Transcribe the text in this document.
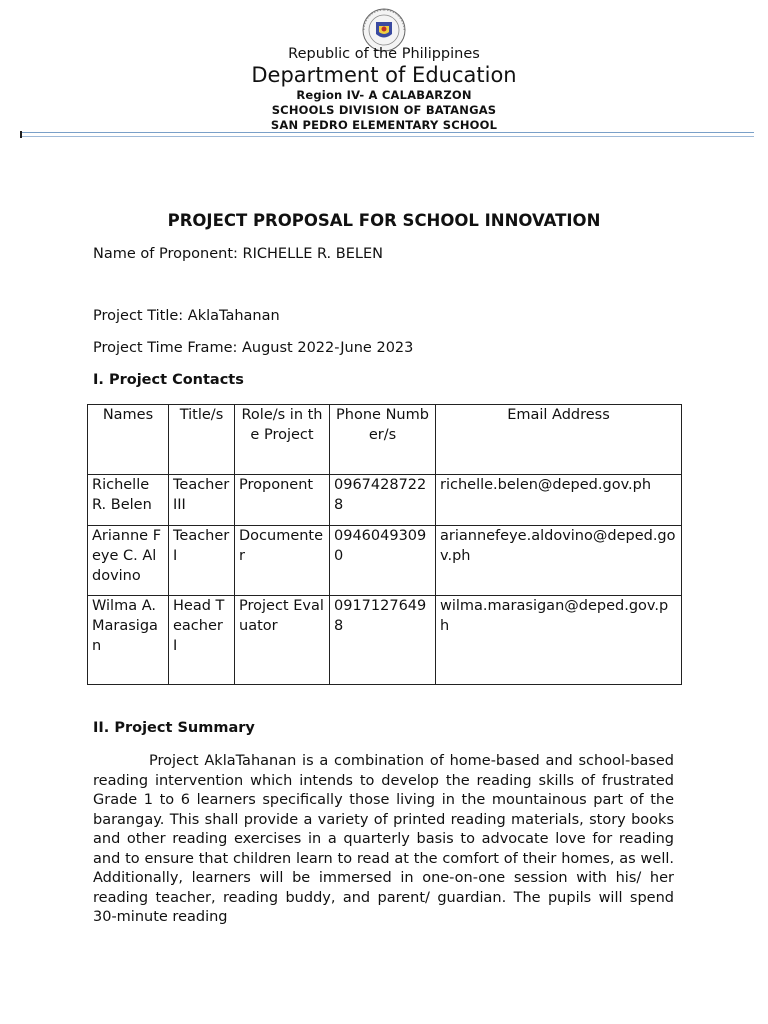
Republic of the Philippines
Department of Education
Region IV- A CALABARZON
SCHOOLS DIVISION OF BATANGAS
SAN PEDRO ELEMENTARY SCHOOL
PROJECT PROPOSAL FOR SCHOOL INNOVATION
Name of Proponent: RICHELLE R. BELEN
Project Title: AklaTahanan
Project Time Frame: August 2022-June 2023
I. Project Contacts
Names	Title/s	Role/s in the Project	Phone Number/s	Email Address
Richelle R. Belen	Teacher III	Proponent	09674287228	richelle.belen@deped.gov.ph
Arianne Feye C. Aldovino	Teacher I	Documenter	09460493090	ariannefeye.aldovino@deped.gov.ph
Wilma A. Marasigan	Head Teacher I	Project Evaluator	09171276498	wilma.marasigan@deped.gov.ph
II. Project Summary

Project AklaTahanan is a combination of home-based and school-based reading intervention which intends to develop the reading skills of frustrated Grade 1 to 6 learners specifically those living in the mountainous part of the barangay. This shall provide a variety of printed reading materials, story books and other reading exercises in a quarterly basis to advocate love for reading and to ensure that children learn to read at the comfort of their homes, as well. Additionally, learners will be immersed in one-on-one session with his/ her reading teacher, reading buddy, and parent/ guardian. The pupils will spend 30-minute reading
